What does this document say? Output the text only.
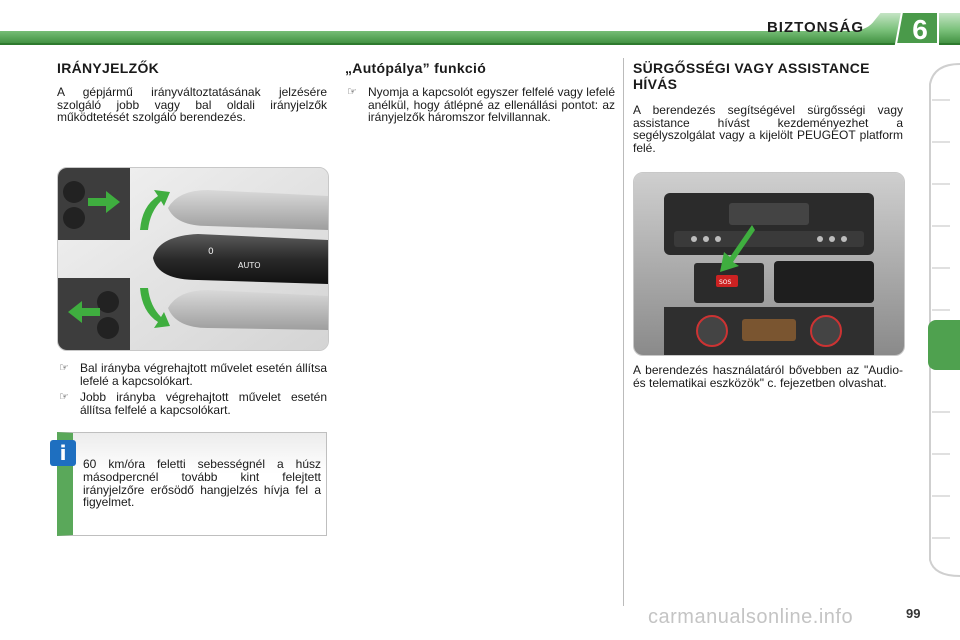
BIZTONSÁG	6
IRÁNYJELZŐK

A gépjármű irányváltoztatásának jelzésére szolgáló jobb vagy bal oldali irányjelzők működtetését szolgáló berendezés.

0
AUTO
☞ Bal irányba végrehajtott művelet esetén állítsa lefelé a kapcsolókart.
☞ Jobb irányba végrehajtott művelet esetén állítsa felfelé a kapcsolókart.
i	60 km/óra feletti sebességnél a húsz másodpercnél tovább kint felejtett irányjelzőre erősödő hangjelzés hívja fel a figyelmet.
„Autópálya” funkció
☞ Nyomja a kapcsolót egyszer felfelé vagy lefelé anélkül, hogy átlépné az ellenállási pontot: az irányjelzők háromszor felvillannak.
SÜRGŐSSÉGI VAGY ASSISTANCE HÍVÁS

A berendezés segítségével sürgősségi vagy assistance hívást kezdeményezhet a segélyszolgálat vagy a kijelölt PEUGEOT platform felé.

SOS

A berendezés használatáról bővebben az "Audio- és telematikai eszközök" c. fejezetben olvashat.

carmanualsonline.info	99
